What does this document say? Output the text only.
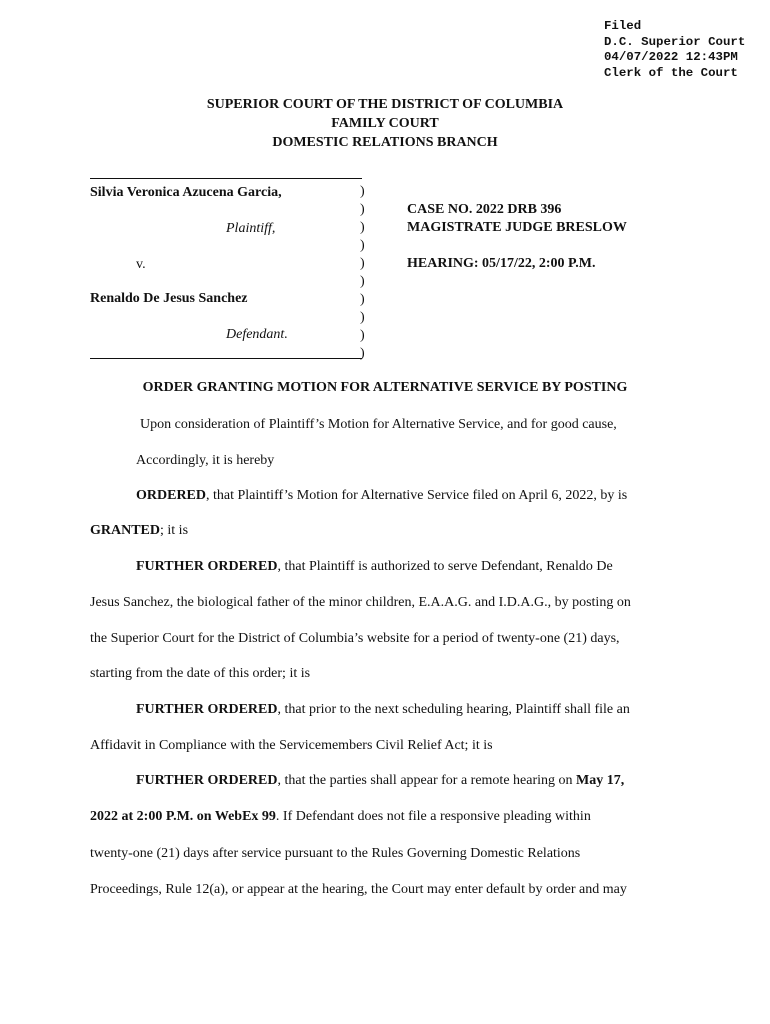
Filed
D.C. Superior Court
04/07/2022 12:43PM
Clerk of the Court
SUPERIOR COURT OF THE DISTRICT OF COLUMBIA
FAMILY COURT
DOMESTIC RELATIONS BRANCH
Silvia Veronica Azucena Garcia,
Plaintiff,
v.
Renaldo De Jesus Sanchez
Defendant.
)
)
)
)
)
)
)
)
)
)
CASE NO. 2022 DRB 396
MAGISTRATE JUDGE BRESLOW
HEARING: 05/17/22, 2:00 P.M.
ORDER GRANTING MOTION FOR ALTERNATIVE SERVICE BY POSTING
Upon consideration of Plaintiff’s Motion for Alternative Service, and for good cause,
Accordingly, it is hereby
ORDERED, that Plaintiff’s Motion for Alternative Service filed on April 6, 2022, by is
GRANTED; it is
FURTHER ORDERED, that Plaintiff is authorized to serve Defendant, Renaldo De
Jesus Sanchez, the biological father of the minor children, E.A.A.G. and I.D.A.G., by posting on
the Superior Court for the District of Columbia’s website for a period of twenty-one (21) days,
starting from the date of this order; it is
FURTHER ORDERED, that prior to the next scheduling hearing, Plaintiff shall file an
Affidavit in Compliance with the Servicemembers Civil Relief Act; it is
FURTHER ORDERED, that the parties shall appear for a remote hearing on May 17,
2022 at 2:00 P.M. on WebEx 99. If Defendant does not file a responsive pleading within
twenty-one (21) days after service pursuant to the Rules Governing Domestic Relations
Proceedings, Rule 12(a), or appear at the hearing, the Court may enter default by order and may
